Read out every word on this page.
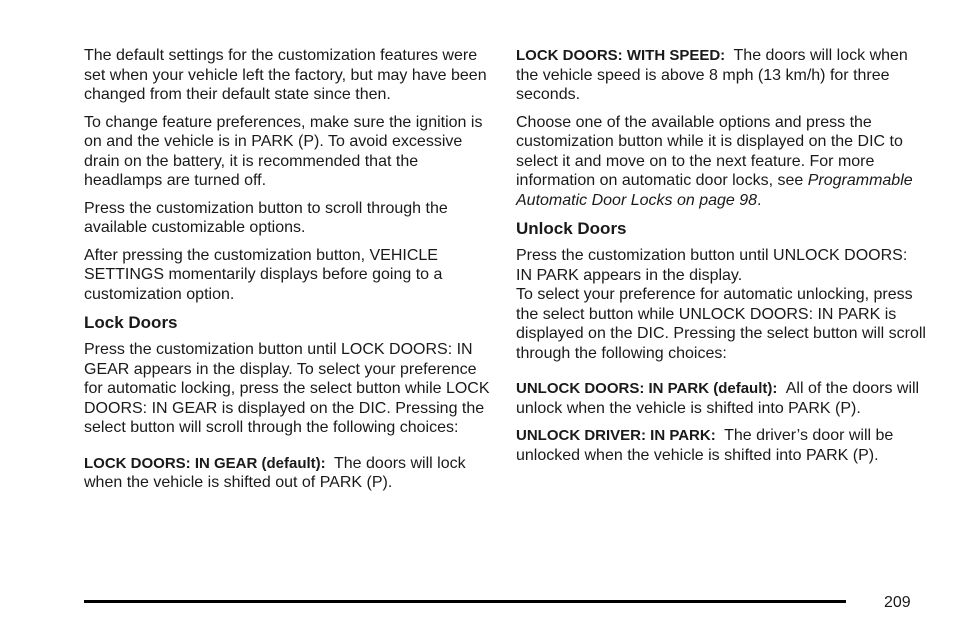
The default settings for the customization features were set when your vehicle left the factory, but may have been changed from their default state since then.

To change feature preferences, make sure the ignition is on and the vehicle is in PARK (P). To avoid excessive drain on the battery, it is recommended that the headlamps are turned off.

Press the customization button to scroll through the available customizable options.

After pressing the customization button, VEHICLE SETTINGS momentarily displays before going to a customization option.

Lock Doors

Press the customization button until LOCK DOORS: IN GEAR appears in the display. To select your preference for automatic locking, press the select button while LOCK DOORS: IN GEAR is displayed on the DIC. Pressing the select button will scroll through the following choices:

LOCK DOORS: IN GEAR (default): The doors will lock when the vehicle is shifted out of PARK (P).

LOCK DOORS: WITH SPEED: The doors will lock when the vehicle speed is above 8 mph (13 km/h) for three seconds.

Choose one of the available options and press the customization button while it is displayed on the DIC to select it and move on to the next feature. For more information on automatic door locks, see Programmable Automatic Door Locks on page 98.

Unlock Doors

Press the customization button until UNLOCK DOORS: IN PARK appears in the display.

To select your preference for automatic unlocking, press the select button while UNLOCK DOORS: IN PARK is displayed on the DIC. Pressing the select button will scroll through the following choices:

UNLOCK DOORS: IN PARK (default): All of the doors will unlock when the vehicle is shifted into PARK (P).

UNLOCK DRIVER: IN PARK: The driver’s door will be unlocked when the vehicle is shifted into PARK (P).

209
